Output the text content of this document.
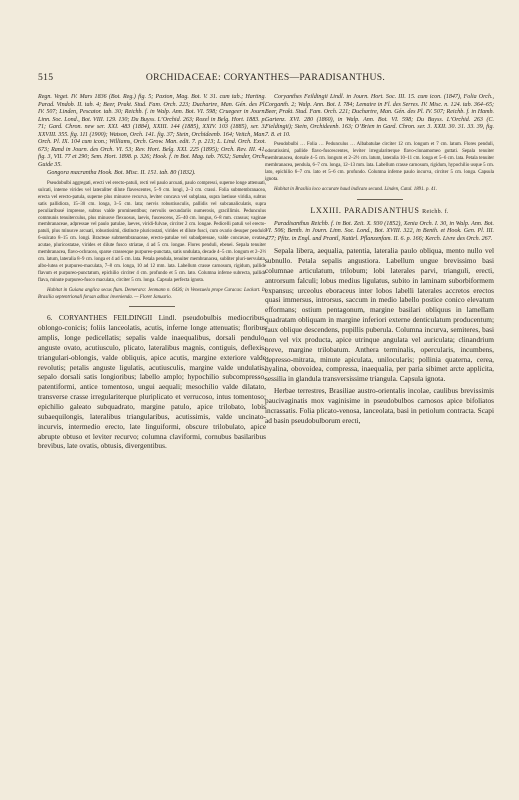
515	ORCHIDACEAE: CORYANTHES—PARADISANTHUS.

Regn. Veget. IV. Mars 1836 (Bot. Reg.) fig. 5; Paxton, Mag. Bot. V. 31. cum tab.; Harting. Parad. Vindob. II. tab. 4; Beer, Prakt. Stud. Fam. Orch. 223; Duchartre, Man. Gén. des Pl. IV. 507; Linden, Pescator. tab. 30; Reichb. f. in Walp. Ann. Bot. VI. 598; Cruegeer in Journ. Linn. Soc. Lond., Bot. VIII. 129. 130; Du Buyss. L’Orchid. 263; Rozel in Belg. Hort. 1883. p. 71; Gard. Chron. new ser. XXI. 483 (1884), XXIII. 144 (1885), XXIV. 103 (1885), ser. 3. XXVIII. 355. fig. 111 (1900); Watson, Orch. 141. fig. 37; Stein, Orchideenb. 164; Veitch, Man. Orch. Pl. IX. 104 cum icon.; Williams, Orch. Grow. Man. edit. 7. p. 213; L. Lind. Orch. Exot. 673; Rand in Journ. des Orch. VI. 53; Rev. Hort. Belg. XXI. 225 (1895); Orch. Rev. III. 41. fig. 3, VII. 77 et 290; Sem. Hort. 1898. p. 326; Hook. f. in Bot. Mag. tab. 7632; Sander, Orch. Guide 35.

Gongora macrantha Hook. Bot. Misc. II. 151. tab. 80 (1832).

Pseudobulbi aggregati, erecti vel erecto-patuli, recti vel paulo arcuati, paulo compressi, superne longe attenuati, sulcati, interne virides vel lateraliter dilute flavescentes, 5–9 cm. longi, 2–3 cm. crassi. Folia submembranacea, erecta vel erecto-patula, superne plus minusve recurva, leviter concava vel subplana, supra laetiuse viridia, subtus satis pallidiora, 15–30 cm. longa, 3–5 cm. lata; nervis robustiusculis, pallidis vel subcanaliculatis, supra peculiaribusé impresse, subtus valde prominentibus; nervulis secundariis numerosis, gracillimis. Pedunculus communis tenuiterculus, plus minusve flexuosus, laevis, fuscescens, 25–40 cm. longus, 6–8 mm. crassus; vaginae membranaceae, adpressae vel paulo patulae, laeves, viridi-fulvae, circiter 2 cm. longae. Pedicelli patuli vel erecto-patuli, plus minusve arcuati, robustissimi, distincte pluricostati, virides et dilute fusci, cum ovario desuper pendulo 6-sulcato 8–15 cm. longi. Bracteae submembranaceae, erecto-patulae vel subadpressae, valde concavae, ovatae, acutae, pluricostatae, virides et dilute fusco striatae, 4 ad 5 cm. longae. Flores penduli, ebenei. Sepala tenuiter membranacea, flavo-ochracea, sparse crassesque purpureo-punctata, satis undulata, decade 4–5 cm. longum et 2–2½ cm. latum, lateralia 8–9 cm. longa et 4 ad 5 cm. lata. Petala pendula, tenuiter membranacea, subliter pluri-nervulata, albo-lutea et purpureo-maculata, 7–8 cm. longa, 10 ad 12 mm. lata. Labellum crasse carnosum, rigidum, pallide flavum et purpureo-punctatum, epichilio circiter 4 cm. profundo et 5 cm. lato. Columna inferne subrecta, pallide flava, minute purpureo-fusco maculata, circiter 5 cm. longa. Capsula perfecta ignota.

Habitat in Guiana anglica secus flum. Demerara: Jenmann n. 6436; in Venezuela prope Caracas: Lockart. In Brasilia septentrionali forsan adhuc invenienda. — Floret Januario.

6. CORYANTHES FEILDINGII Lindl. pseudobulbis mediocribus, oblongo-conicis; foliis lanceolatis, acutis, inferne longe attenuatis; floribus amplis, longe pedicellatis; sepalis valde inaequalibus, dorsali pendulo, anguste ovato, acutiusculo, plicato, lateralibus magnis, contiguis, deflexis, triangulari-oblongis, valde obliquis, apice acutis, margine exteriore valde revolutis; petalis anguste ligulatis, acutiusculis, margine valde undulatis, sepalo dorsali satis longioribus; labello amplo; hypochilio subcompresso, patentiformi, antice tomentoso, ungui aequali; mesochilio valde dilatato, transverse crasse irregulariterque pluriplicato et verrucoso, intus tomentoso; epichilio galeato subquadrato, margine patulo, apice trilobato, lobis subaequilongis, lateralibus triangularibus, acutissimis, valde uncinato-incurvis, intermedio erecto, late linguiformi, obscure trilobulato, apice abrupte obtuso et leviter recurvo; columna claviformi, cornubus basilaribus brevibus, late ovatis, obtusis, divergentibus.

Coryanthes Feildingii Lindl. in Journ. Hort. Soc. III. 15. cum icon. (1847), Folia Orch., Corganth. 2; Walp. Ann. Bot. I. 784; Lemaire in Fl. des Serres. IV. Misc. n. 124. tab. 364–65; Beer, Prakt. Stud. Fam. Orch. 221; Duchartre, Man. Gén. des Pl. IV. 507; Reichb. f. in Hamb. Gartenz. XVI. 280 (1860), in Walp. Ann. Bot. VI. 598; Du Buyss. L’Orchid. 263 (C. Fieldingii); Stein, Orchideenb. 163; O’Brien in Gard. Chron. ser. 3. XXII. 30. 31. 33. 39, fig. 7. 8. et 10.

Pseudobulbi … Folia … Pedunculus … Albabatulae circiter 12 cm. longum et 7 cm. latum. Flores penduli, odoratissimi, pallide flavo-fuscescentes, leviter irregulariterque flavo-cinnamomeo guttati. Sepala tenuiter membranacea, dorsale 4–5 cm. longum et 2–2½ cm. latum, lateralia 10–11 cm. longa et 5–6 cm. lata. Petala tenuiter membranacea, pendula, 6–7 cm. longa, 12–13 mm. lata. Labellum crasse carnosum, rigidum, hypochilio usque 5 cm. lato, epichilio 6–7 cm. lato et 5–6 cm. profundo. Columna inferne paulo incurva, circiter 5 cm. longa. Capsula ignota.

Habitat in Brasilia loco accurate haud indicato secund. Linden, Catal. 1891. p. 41.

LXXIII. PARADISANTHUS Reichb. f.

Paradisanthus Reichb. f. in Bot. Zeit. X. 930 (1852), Xenia Orch. I. 30, in Walp. Ann. Bot. VI. 506; Benth. in Journ. Linn. Soc. Lond., Bot. XVIII. 322, in Benth. et Hook. Gen. Pl. III. 477; Pfitz. in Engl. und Prantl, Natürl. Pflanzenfam. II. 6. p. 166; Kerch. Livre des Orch. 267.

Sepala libera, aequalia, patentia, lateralia paulo obliqua, mento nullo vel subnullo. Petala sepalis angustiora. Labellum ungue brevissimo basi columnae articulatum, trilobum; lobi laterales parvi, trianguli, erecti, antrorsum falculi; lobus medius ligulatus, subito in laminam suborbiformem expansus; urceolus eboraceus inter lobos labelli laterales accretos erectos quasi immersus, introrsus, saccum in medio labello postice conico elevatum efformans; ostium pentagonum, margine basilari obliquus in lamellam quadratam obliquam in margine inferiori externe denticulatum producentum; faux oblique descendens, pupillis puberula. Columna incurva, semiteres, basi non vel vix producta, apice utrinque angulata vel auriculata; clinandrium breve, margine trilobatum. Anthera terminalis, opercularis, incumbens, depresso-mitrata, minute apiculata, unilocularis; pollinia quaterna, cerea, hyalina, obovoidea, compressa, inaequalia, per paria sibimet arcte applicita, sessilia in glandula transversissime triangula. Capsula ignota.

Herbae terrestres, Brasiliae austro-orientalis incolae, caulibus brevissimis paucivaginatis mox vaginisime in pseudobulbos carnosos apice bifoliatos incrassatis. Folia plicato-venosa, lanceolata, basi in petiolum contracta. Scapi ad basin pseudobulborum erecti,
